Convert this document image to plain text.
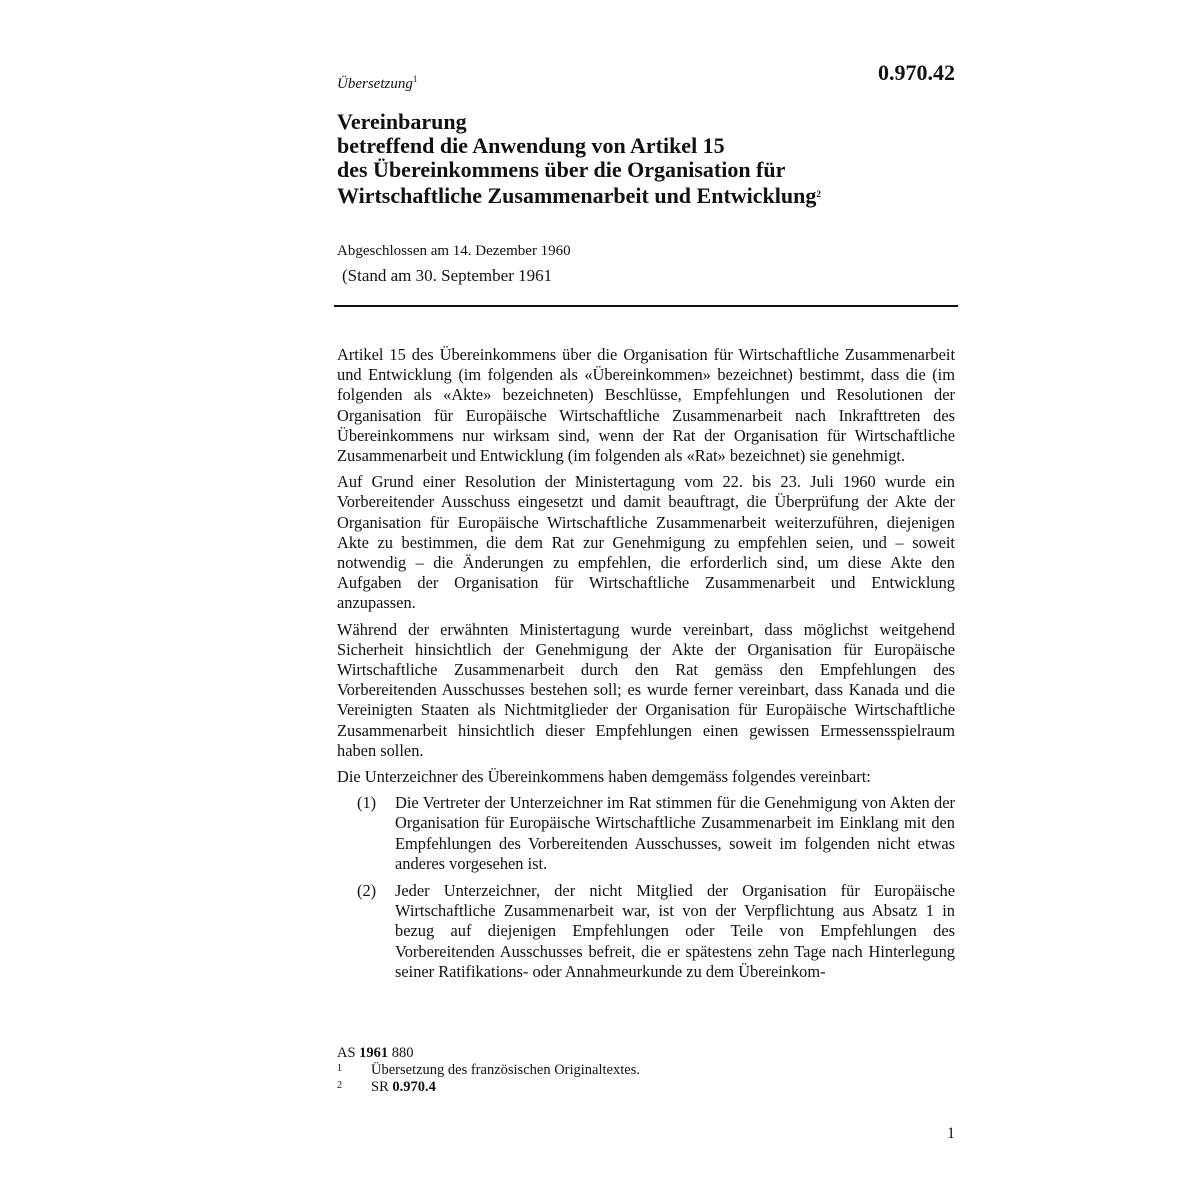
Übersetzung$^1$	0.970.42
Vereinbarung
betreffend die Anwendung von Artikel 15
des Übereinkommens über die Organisation für
Wirtschaftliche Zusammenarbeit und Entwicklung$^2$
Abgeschlossen am 14. Dezember 1960
(Stand am 30. September 1961

Artikel 15 des Übereinkommens über die Organisation für Wirtschaftliche Zusammenarbeit und Entwicklung (im folgenden als «Übereinkommen» bezeichnet) bestimmt, dass die (im folgenden als «Akte» bezeichneten) Beschlüsse, Empfehlungen und Resolutionen der Organisation für Europäische Wirtschaftliche Zusammenarbeit nach Inkrafttreten des Übereinkommens nur wirksam sind, wenn der Rat der Organisation für Wirtschaftliche Zusammenarbeit und Entwicklung (im folgenden als «Rat» bezeichnet) sie genehmigt.

Auf Grund einer Resolution der Ministertagung vom 22. bis 23. Juli 1960 wurde ein Vorbereitender Ausschuss eingesetzt und damit beauftragt, die Überprüfung der Akte der Organisation für Europäische Wirtschaftliche Zusammenarbeit weiterzuführen, diejenigen Akte zu bestimmen, die dem Rat zur Genehmigung zu empfehlen seien, und – soweit notwendig – die Änderungen zu empfehlen, die erforderlich sind, um diese Akte den Aufgaben der Organisation für Wirtschaftliche Zusammenarbeit und Entwicklung anzupassen.

Während der erwähnten Ministertagung wurde vereinbart, dass möglichst weitgehend Sicherheit hinsichtlich der Genehmigung der Akte der Organisation für Europäische Wirtschaftliche Zusammenarbeit durch den Rat gemäss den Empfehlungen des Vorbereitenden Ausschusses bestehen soll; es wurde ferner vereinbart, dass Kanada und die Vereinigten Staaten als Nichtmitglieder der Organisation für Europäische Wirtschaftliche Zusammenarbeit hinsichtlich dieser Empfehlungen einen gewissen Ermessensspielraum haben sollen.

Die Unterzeichner des Übereinkommens haben demgemäss folgendes vereinbart:

(1)	Die Vertreter der Unterzeichner im Rat stimmen für die Genehmigung von Akten der Organisation für Europäische Wirtschaftliche Zusammenarbeit im Einklang mit den Empfehlungen des Vorbereitenden Ausschusses, soweit im folgenden nicht etwas anderes vorgesehen ist.
(2)	Jeder Unterzeichner, der nicht Mitglied der Organisation für Europäische Wirtschaftliche Zusammenarbeit war, ist von der Verpflichtung aus Absatz 1 in bezug auf diejenigen Empfehlungen oder Teile von Empfehlungen des Vorbereitenden Ausschusses befreit, die er spätestens zehn Tage nach Hinterlegung seiner Ratifikations- oder Annahmeurkunde zu dem Übereinkom-
AS 1961 880
1	Übersetzung des französischen Originaltextes.
2	SR 0.970.4
1
